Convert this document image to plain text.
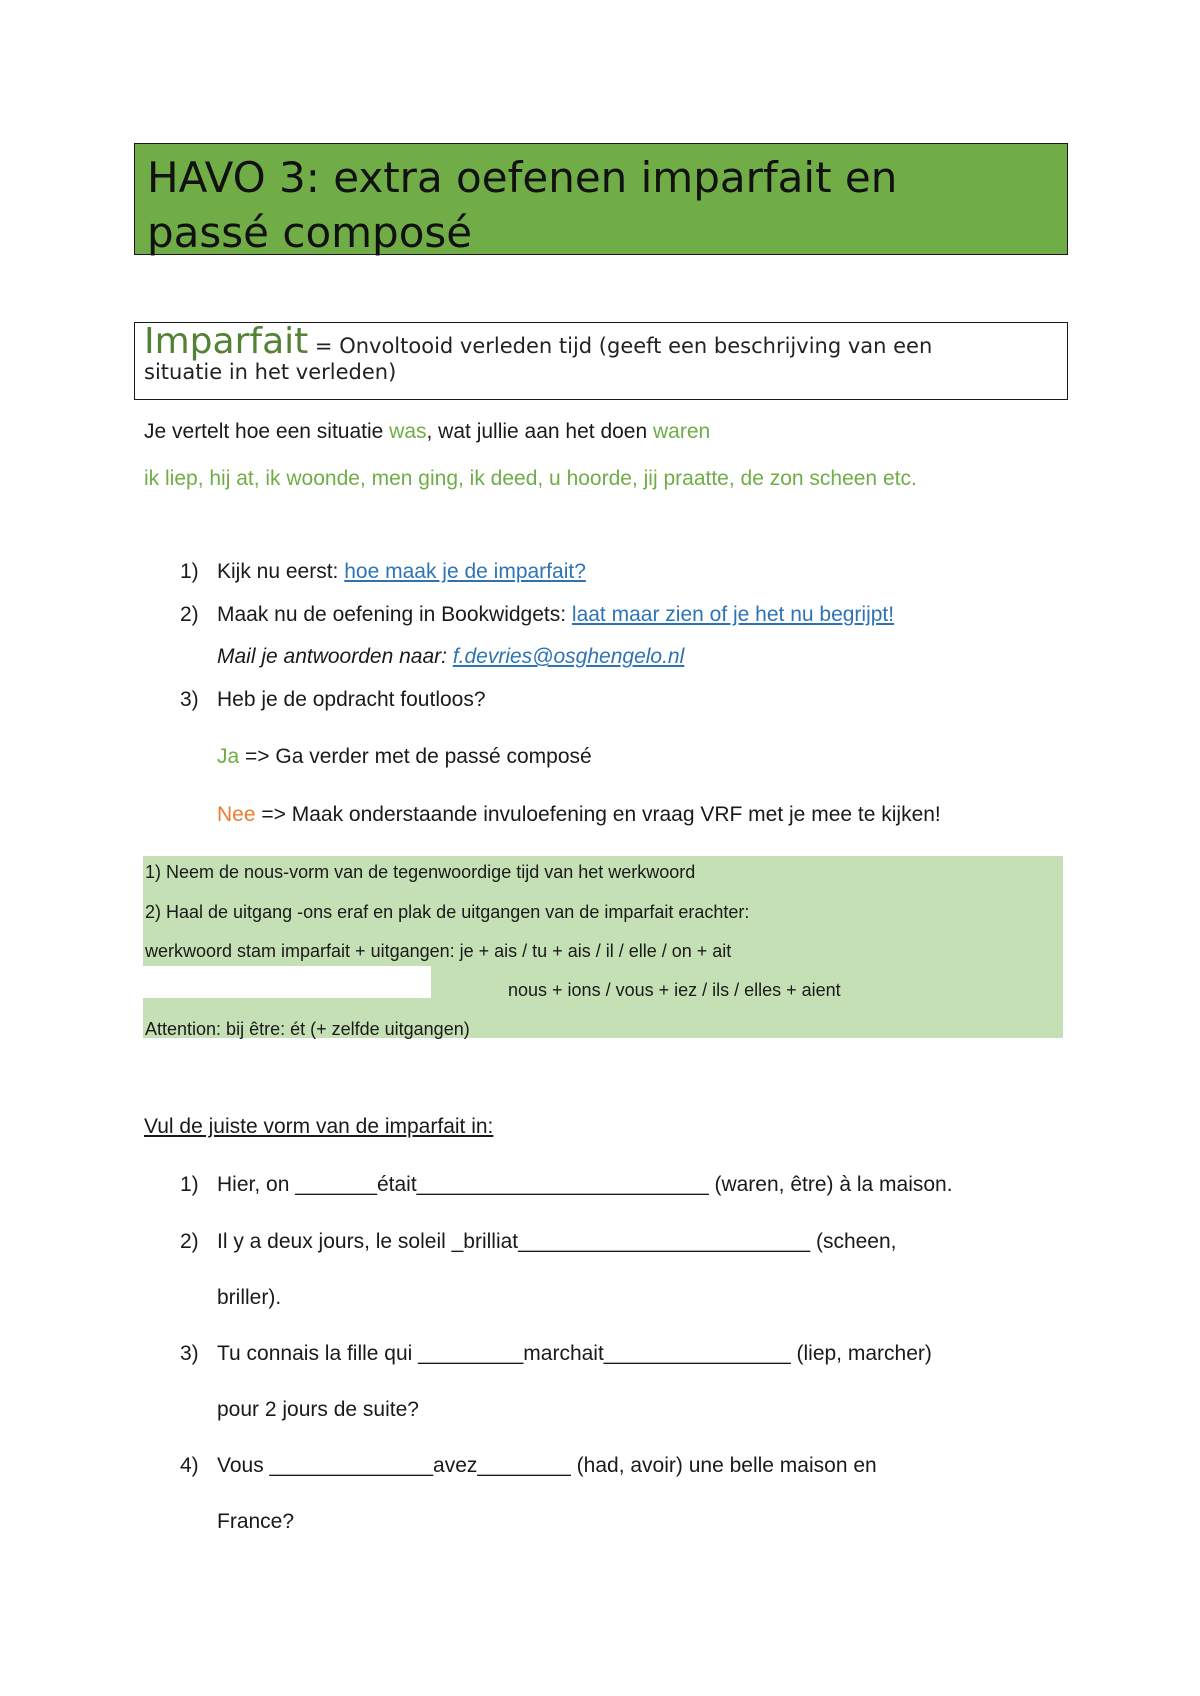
HAVO 3: extra oefenen imparfait en
passé composé
Imparfait = Onvoltooid verleden tijd (geeft een beschrijving van een
situatie in het verleden)
Je vertelt hoe een situatie was, wat jullie aan het doen waren
ik liep, hij at, ik woonde, men ging, ik deed, u hoorde, jij praatte, de zon scheen etc.
1) Kijk nu eerst: hoe maak je de imparfait?
2) Maak nu de oefening in Bookwidgets: laat maar zien of je het nu begrijpt!
Mail je antwoorden naar: f.devries@osghengelo.nl
3) Heb je de opdracht foutloos?
Ja => Ga verder met de passé composé
Nee => Maak onderstaande invuloefening en vraag VRF met je mee te kijken!
1) Neem de nous-vorm van de tegenwoordige tijd van het werkwoord
2) Haal de uitgang -ons eraf en plak de uitgangen van de imparfait erachter:
werkwoord stam imparfait + uitgangen: je + ais / tu + ais / il / elle / on + ait
nous + ions / vous + iez / ils / elles + aient
Attention: bij être: ét (+ zelfde uitgangen)
Vul de juiste vorm van de imparfait in:
1) Hier, on _______était_________________________ (waren, être) à la maison.
2) Il y a deux jours, le soleil _brilliat_________________________ (scheen,
briller).
3) Tu connais la fille qui _________marchait________________ (liep, marcher)
pour 2 jours de suite?
4) Vous ______________avez________ (had, avoir) une belle maison en
France?
